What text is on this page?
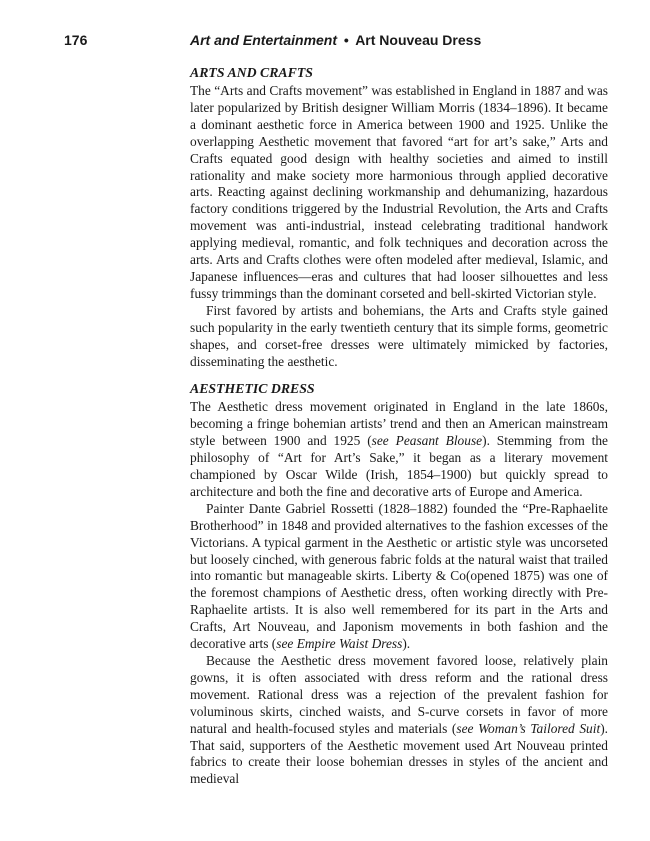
176	Art and Entertainment • Art Nouveau Dress
ARTS AND CRAFTS

The “Arts and Crafts movement” was established in England in 1887 and was later popularized by British designer William Morris (1834–1896). It became a dominant aesthetic force in America between 1900 and 1925. Unlike the overlapping Aesthetic movement that favored “art for art’s sake,” Arts and Crafts equated good design with healthy societies and aimed to instill rationality and make society more harmonious through applied decorative arts. Reacting against declining workmanship and dehumanizing, hazardous factory conditions triggered by the Industrial Revolution, the Arts and Crafts movement was anti-industrial, instead celebrating traditional handwork applying medieval, romantic, and folk techniques and decoration across the arts. Arts and Crafts clothes were often modeled after medieval, Islamic, and Japanese influences—eras and cultures that had looser silhouettes and less fussy trimmings than the dominant corseted and bell-skirted Victorian style.

First favored by artists and bohemians, the Arts and Crafts style gained such popularity in the early twentieth century that its simple forms, geometric shapes, and corset-free dresses were ultimately mimicked by factories, disseminating the aesthetic.

AESTHETIC DRESS

The Aesthetic dress movement originated in England in the late 1860s, becoming a fringe bohemian artists’ trend and then an American mainstream style between 1900 and 1925 (see Peasant Blouse). Stemming from the philosophy of “Art for Art’s Sake,” it began as a literary movement championed by Oscar Wilde (Irish, 1854–1900) but quickly spread to architecture and both the fine and decorative arts of Europe and America.

Painter Dante Gabriel Rossetti (1828–1882) founded the “Pre-Raphaelite Brotherhood” in 1848 and provided alternatives to the fashion excesses of the Victorians. A typical garment in the Aesthetic or artistic style was uncorseted but loosely cinched, with generous fabric folds at the natural waist that trailed into romantic but manageable skirts. Liberty & Co(opened 1875) was one of the foremost champions of Aesthetic dress, often working directly with Pre-Raphaelite artists. It is also well remembered for its part in the Arts and Crafts, Art Nouveau, and Japonism movements in both fashion and the decorative arts (see Empire Waist Dress).

Because the Aesthetic dress movement favored loose, relatively plain gowns, it is often associated with dress reform and the rational dress movement. Rational dress was a rejection of the prevalent fashion for voluminous skirts, cinched waists, and S-curve corsets in favor of more natural and health-focused styles and materials (see Woman’s Tailored Suit). That said, supporters of the Aesthetic movement used Art Nouveau printed fabrics to create their loose bohemian dresses in styles of the ancient and medieval
